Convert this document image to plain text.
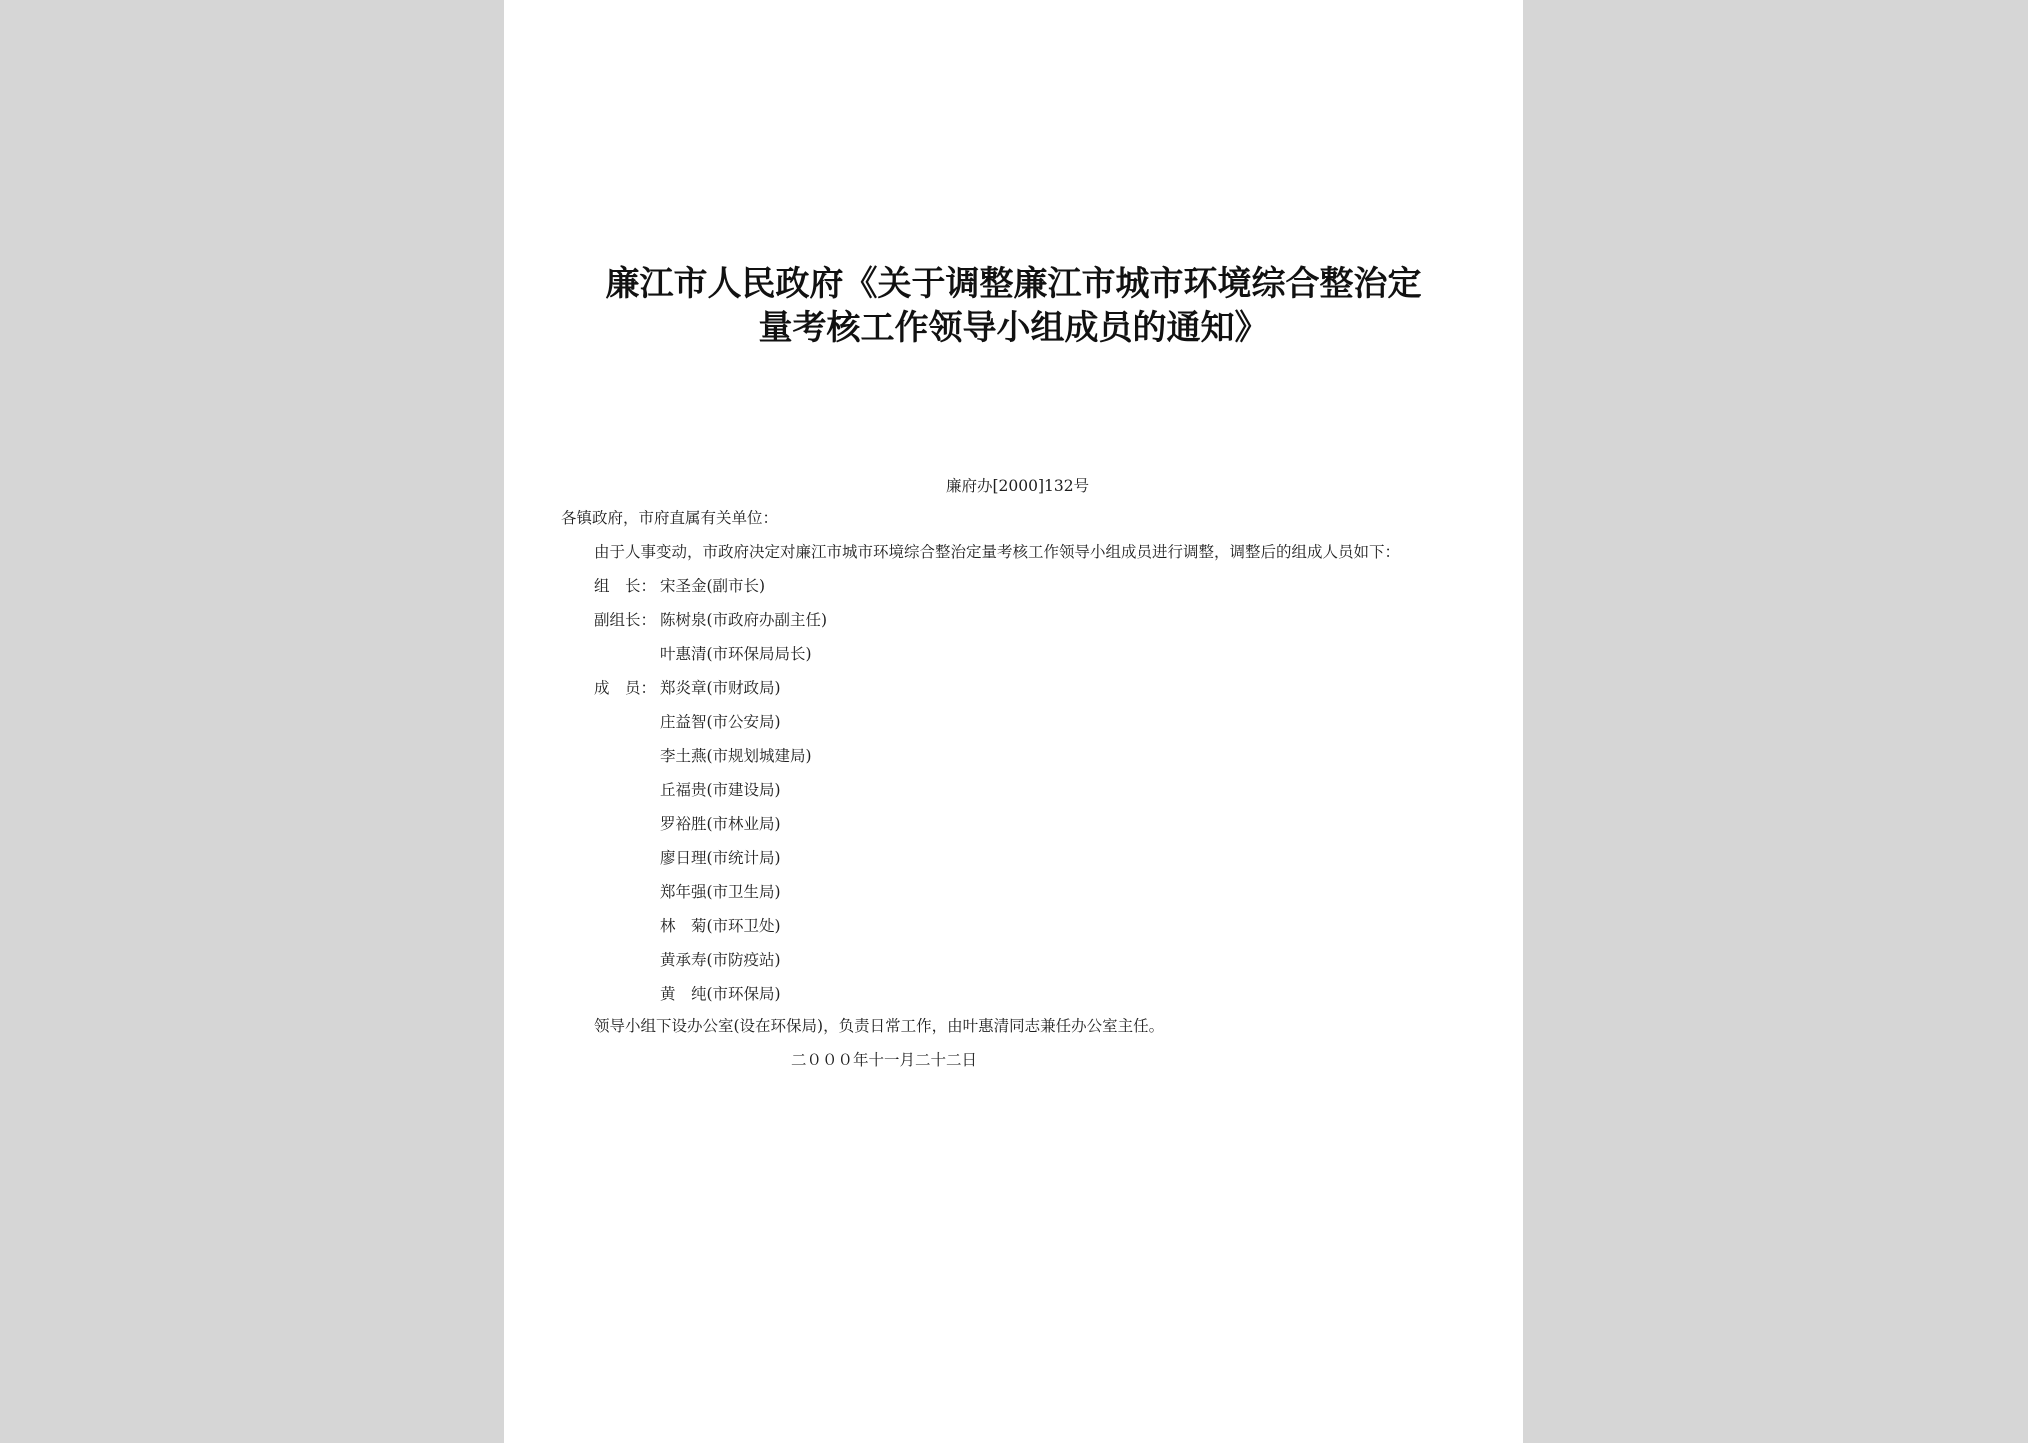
廉江市人民政府《关于调整廉江市城市环境综合整治定
量考核工作领导小组成员的通知》
廉府办[2000]132号
各镇政府，市府直属有关单位：
由于人事变动，市政府决定对廉江市城市环境综合整治定量考核工作领导小组成员进行调整，调整后的组成人员如下：
组　长： 宋圣金(副市长)
副组长： 陈树泉(市政府办副主任)
叶惠清(市环保局局长)
成　员： 郑炎章(市财政局)
庄益智(市公安局)
李土燕(市规划城建局)
丘福贵(市建设局)
罗裕胜(市林业局)
廖日理(市统计局)
郑年强(市卫生局)
林　菊(市环卫处)
黄承寿(市防疫站)
黄　纯(市环保局)
领导小组下设办公室(设在环保局)，负责日常工作，由叶惠清同志兼任办公室主任。
二０００年十一月二十二日
